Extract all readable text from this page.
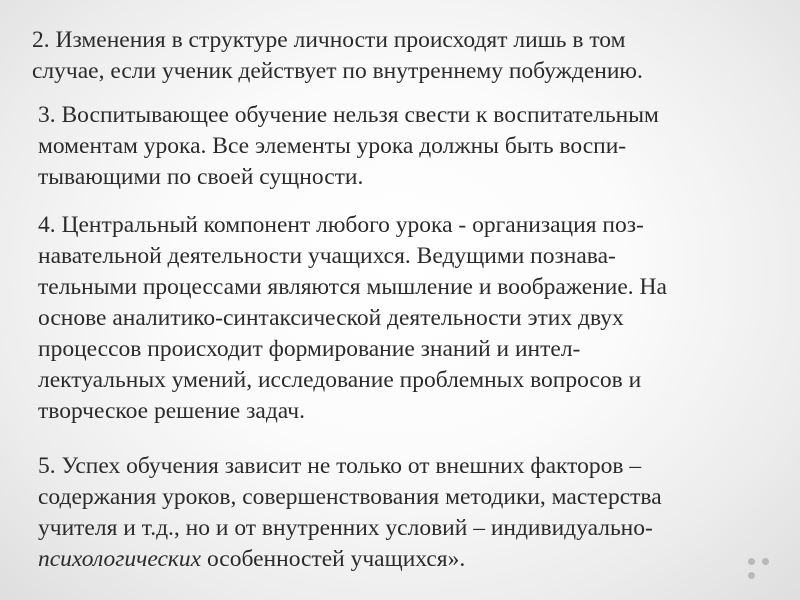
2. Изменения в структуре личности происходят лишь в том
случае, если ученик действует по внутреннему побуждению.

3. Воспитывающее обучение нельзя свести к воспитательным
моментам урока. Все элементы урока должны быть воспи-
тывающими по своей сущности.

4. Центральный компонент любого урока - организация поз-
навательной деятельности учащихся. Ведущими познава-
тельными процессами являются мышление и воображение. На
основе аналитико-синтаксической деятельности этих двух
процессов происходит формирование знаний и интел-
лектуальных умений, исследование проблемных вопросов и
творческое решение задач.

5. Успех обучения зависит не только от внешних факторов –
содержания уроков, совершенствования методики, мастерства
учителя и т.д., но и от внутренних условий – индивидуально-
психологических особенностей учащихся».
